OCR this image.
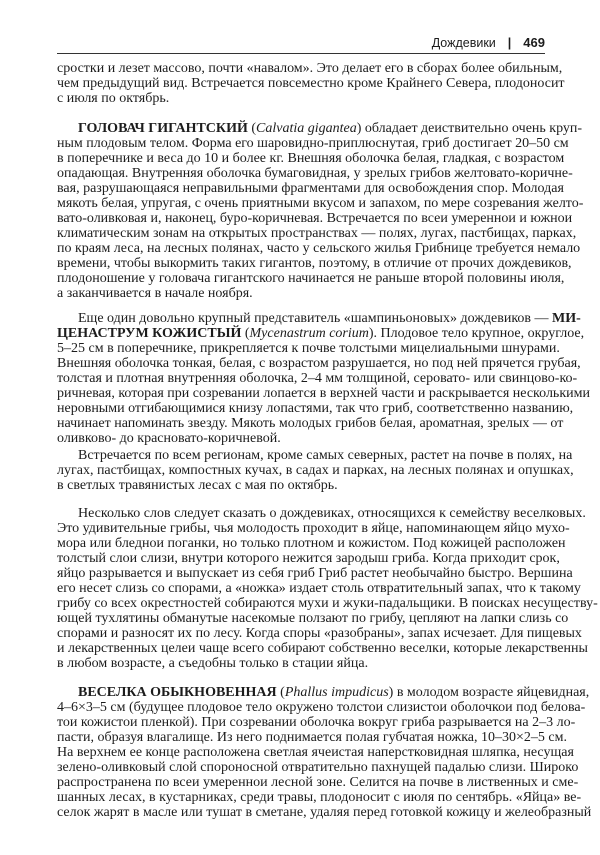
Дождевики | 469
сростки и лезет массово, почти «навалом». Это делает его в сборах более обильным,
чем предыдущий вид. Встречается повсеместно кроме Крайнего Севера, плодоносит
с июля по октябрь.
ГОЛОВАЧ ГИГАНТСКИЙ (Calvatia gigantea) обладает деиствительно очень круп-
ным плодовым телом. Форма его шаровидно-приплюснутая, гриб достигает 20–50 см
в поперечнике и веса до 10 и более кг. Внешняя оболочка белая, гладкая, с возрастом
опадающая. Внутренняя оболочка бумаговидная, у зрелых грибов желтовато-коричне-
вая, разрушающаяся неправильными фрагментами для освобождения спор. Молодая
мякоть белая, упругая, с очень приятными вкусом и запахом, по мере созревания желто-
вато-оливковая и, наконец, буро-коричневая. Встречается по всеи умереннои и южнои
климатическим зонам на открытых пространствах — полях, лугах, пастбищах, парках,
по краям леса, на лесных полянах, часто у сельского жилья Грибнице требуется немало
времени, чтобы выкормить таких гигантов, поэтому, в отличие от прочих дождевиков,
плодоношение у головача гигантского начинается не раньше второй половины июля,
а заканчивается в начале ноября.
Еще один довольно крупный представитель «шампиньоновых» дождевиков — МИ-
ЦЕНАСТРУМ КОЖИСТЫЙ (Mycenastrum corium). Плодовое тело крупное, округлое,
5–25 см в поперечнике, прикрепляется к почве толстыми мицелиальными шнурами.
Внешняя оболочка тонкая, белая, с возрастом разрушается, но под ней прячется грубая,
толстая и плотная внутренняя оболочка, 2–4 мм толщиной, серовато- или свинцово-ко-
ричневая, которая при созревании лопается в верхней части и раскрывается несколькими
неровными отгибающимися книзу лопастями, так что гриб, соответственно названию,
начинает напоминать звезду. Мякоть молодых грибов белая, ароматная, зрелых — от
оливково- до красновато-коричневой.
Встречается по всем регионам, кроме самых северных, растет на почве в полях, на
лугах, пастбищах, компостных кучах, в садах и парках, на лесных полянах и опушках,
в светлых травянистых лесах с мая по октябрь.
Несколько слов следует сказать о дождевиках, относящихся к семейству веселковых.
Это удивительные грибы, чья молодость проходит в яйце, напоминающем яйцо мухо-
мора или бледнои поганки, но только плотном и кожистом. Под кожицей расположен
толстый слои слизи, внутри которого нежится зародыш гриба. Когда приходит срок,
яйцо разрывается и выпускает из себя гриб Гриб растет необычайно быстро. Вершина
его несет слизь со спорами, а «ножка» издает столь отвратительный запах, что к такому
грибу со всех окрестностей собираются мухи и жуки-падальщики. В поисках несуществу-
ющей тухлятины обманутые насекомые ползают по грибу, цепляют на лапки слизь со
спорами и разносят их по лесу. Когда споры «разобраны», запах исчезает. Для пищевых
и лекарственных целеи чаще всего собирают собственно веселки, которые лекарственны
в любом возрасте, а съедобны только в стации яйца.
ВЕСЕЛКА ОБЫКНОВЕННАЯ (Phallus impudicus) в молодом возрасте яйцевидная,
4–6×3–5 см (будущее плодовое тело окружено толстои слизистои оболочкои под белова-
тои кожистои пленкой). При созревании оболочка вокруг гриба разрывается на 2–3 ло-
пасти, образуя влагалище. Из него поднимается полая губчатая ножка, 10–30×2–5 см.
На верхнем ее конце расположена светлая ячеистая наперстковидная шляпка, несущая
зелено-оливковый слой спороносной отвратительно пахнущей падалью слизи. Широко
распространена по всеи умереннои лесной зоне. Селится на почве в лиственных и сме-
шанных лесах, в кустарниках, среди травы, плодоносит с июля по сентябрь. «Яйца» ве-
селок жарят в масле или тушат в сметане, удаляя перед готовкой кожицу и желеобразный
